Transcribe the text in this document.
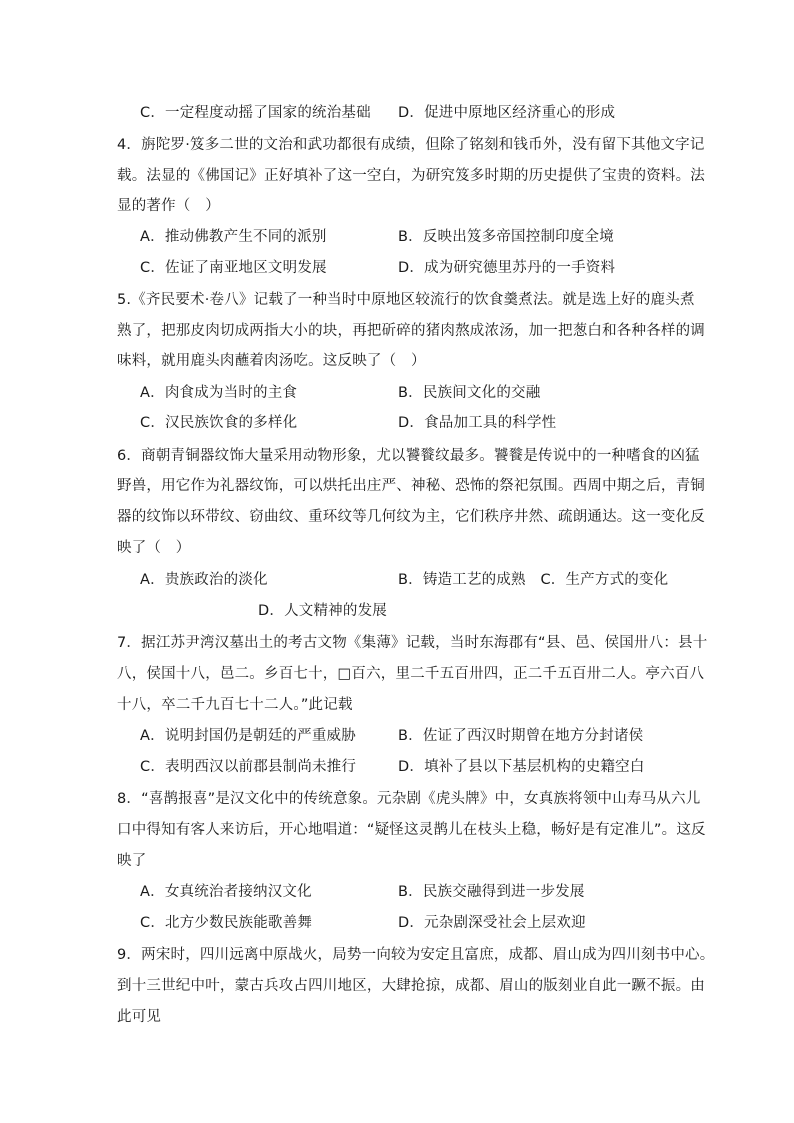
C．一定程度动摇了国家的统治基础 D．促进中原地区经济重心的形成
4．旃陀罗·笈多二世的文治和武功都很有成绩，但除了铭刻和钱币外，没有留下其他文字记
载。法显的《佛国记》正好填补了这一空白，为研究笈多时期的历史提供了宝贵的资料。法
显的著作（　）
A．推动佛教产生不同的派别	B．反映出笈多帝国控制印度全境
C．佐证了南亚地区文明发展	D．成为研究德里苏丹的一手资料
5.《齐民要术·卷八》记载了一种当时中原地区较流行的饮食羹煮法。就是选上好的鹿头煮
熟了，把那皮肉切成两指大小的块，再把斫碎的猪肉熬成浓汤，加一把葱白和各种各样的调
味料，就用鹿头肉蘸着肉汤吃。这反映了（　）
A．肉食成为当时的主食	B．民族间文化的交融
C．汉民族饮食的多样化	D．食品加工具的科学性
6．商朝青铜器纹饰大量采用动物形象，尤以饕餮纹最多。饕餮是传说中的一种嗜食的凶猛
野兽，用它作为礼器纹饰，可以烘托出庄严、神秘、恐怖的祭祀氛围。西周中期之后，青铜
器的纹饰以环带纹、窃曲纹、重环纹等几何纹为主，它们秩序井然、疏朗通达。这一变化反
映了（　）
A．贵族政治的淡化	B．铸造工艺的成熟　C．生产方式的变化
D．人文精神的发展
7．据江苏尹湾汉墓出土的考古文物《集薄》记载，当时东海郡有“县、邑、侯国卅八：县十
八，侯国十八，邑二。乡百七十，□百六，里二千五百卅四，正二千五百卅二人。亭六百八
十八，卒二千九百七十二人。”此记载
A．说明封国仍是朝廷的严重威胁	B．佐证了西汉时期曾在地方分封诸侯
C．表明西汉以前郡县制尚未推行	D．填补了县以下基层机构的史籍空白
8．“喜鹊报喜”是汉文化中的传统意象。元杂剧《虎头牌》中，女真族将领中山寿马从六儿
口中得知有客人来访后，开心地唱道：“疑怪这灵鹊儿在枝头上稳，畅好是有定准儿”。这反
映了
A．女真统治者接纳汉文化	B．民族交融得到进一步发展
C．北方少数民族能歌善舞	D．元杂剧深受社会上层欢迎
9．两宋时，四川远离中原战火，局势一向较为安定且富庶，成都、眉山成为四川刻书中心。
到十三世纪中叶，蒙古兵攻占四川地区，大肆抢掠，成都、眉山的版刻业自此一蹶不振。由
此可见
